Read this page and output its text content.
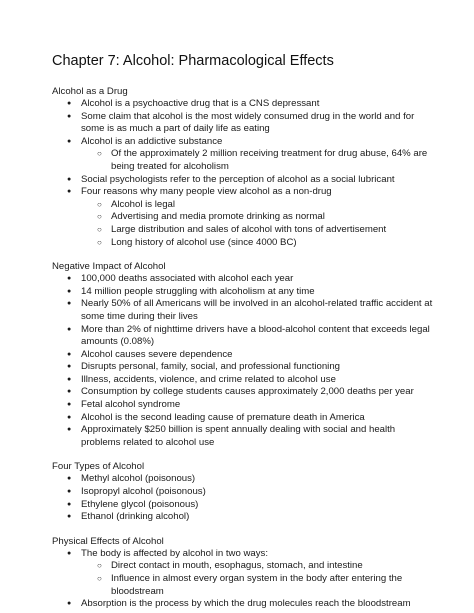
Chapter 7: Alcohol: Pharmacological Effects

Alcohol as a Drug

● Alcohol is a psychoactive drug that is a CNS depressant
● Some claim that alcohol is the most widely consumed drug in the world and for some is as much a part of daily life as eating
● Alcohol is an addictive substance
○ Of the approximately 2 million receiving treatment for drug abuse, 64% are being treated for alcoholism
● Social psychologists refer to the perception of alcohol as a social lubricant
● Four reasons why many people view alcohol as a non-drug
○ Alcohol is legal
○ Advertising and media promote drinking as normal
○ Large distribution and sales of alcohol with tons of advertisement
○ Long history of alcohol use (since 4000 BC)

Negative Impact of Alcohol

● 100,000 deaths associated with alcohol each year
● 14 million people struggling with alcoholism at any time
● Nearly 50% of all Americans will be involved in an alcohol-related traffic accident at some time during their lives
● More than 2% of nighttime drivers have a blood-alcohol content that exceeds legal amounts (0.08%)
● Alcohol causes severe dependence
● Disrupts personal, family, social, and professional functioning
● Illness, accidents, violence, and crime related to alcohol use
● Consumption by college students causes approximately 2,000 deaths per year
● Fetal alcohol syndrome
● Alcohol is the second leading cause of premature death in America
● Approximately $250 billion is spent annually dealing with social and health problems related to alcohol use

Four Types of Alcohol

● Methyl alcohol (poisonous)
● Isopropyl alcohol (poisonous)
● Ethylene glycol (poisonous)
● Ethanol (drinking alcohol)

Physical Effects of Alcohol

● The body is affected by alcohol in two ways:
○ Direct contact in mouth, esophagus, stomach, and intestine
○ Influence in almost every organ system in the body after entering the bloodstream
● Absorption is the process by which the drug molecules reach the bloodstream
